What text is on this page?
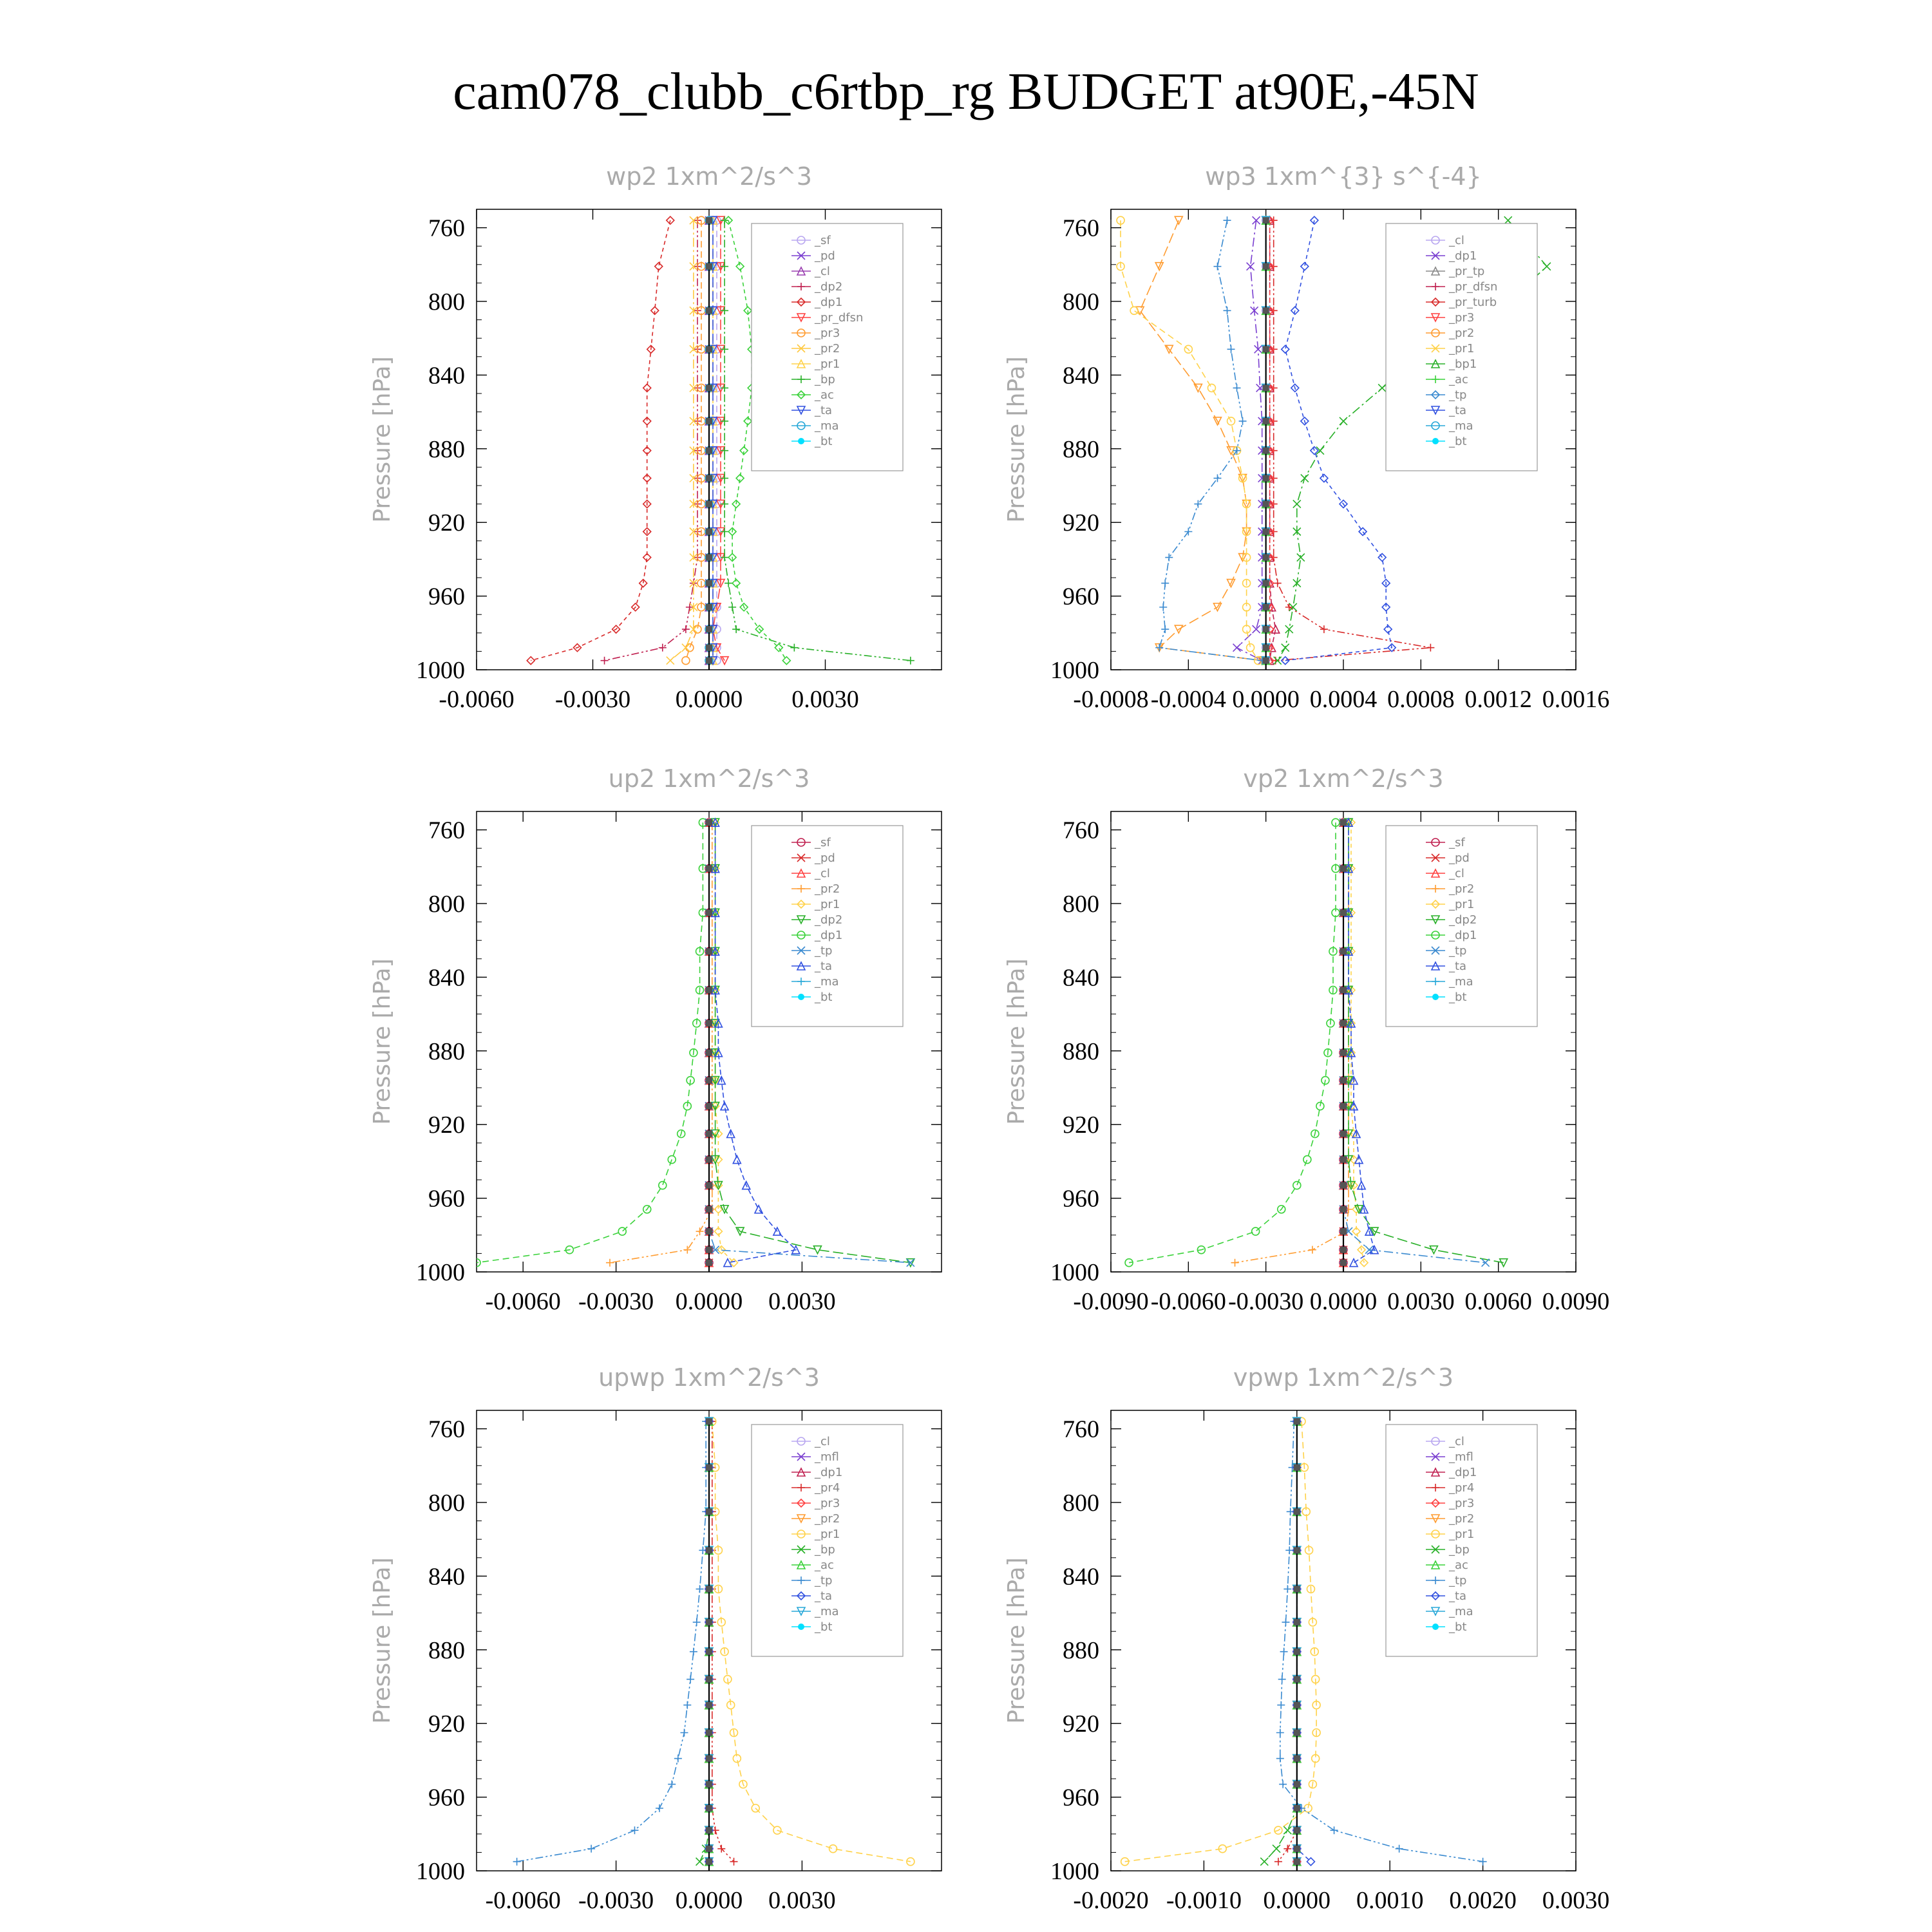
cam078_clubb_c6rtbp_rg BUDGET at90E,-45N
wp2 1xm^2/s^3
Pressure [hPa]
760
800
840
880
920
960
1000
-0.0060 -0.0030 0.0000 0.0030
_sf
_pd
_cl
_dp2
_dp1
_pr_dfsn
_pr3
_pr2
_pr1
_bp
_ac
_ta
_ma
_bt
wp3 1xm^{3} s^{-4}
Pressure [hPa]
760
800
840
880
920
960
1000
-0.0008 -0.0004 0.0000 0.0004 0.0008 0.0012 0.0016
_cl
_dp1
_pr_tp
_pr_dfsn
_pr_turb
_pr3
_pr2
_pr1
_bp1
_ac
_tp
_ta
_ma
_bt
up2 1xm^2/s^3
Pressure [hPa]
760
800
840
880
920
960
1000
-0.0060 -0.0030 0.0000 0.0030
_sf
_pd
_cl
_pr2
_pr1
_dp2
_dp1
_tp
_ta
_ma
_bt
vp2 1xm^2/s^3
Pressure [hPa]
760
800
840
880
920
960
1000
-0.0090 -0.0060 -0.0030 0.0000 0.0030 0.0060 0.0090
_sf
_pd
_cl
_pr2
_pr1
_dp2
_dp1
_tp
_ta
_ma
_bt
upwp 1xm^2/s^3
Pressure [hPa]
760
800
840
880
920
960
1000
-0.0060 -0.0030 0.0000 0.0030
_cl
_mfl
_dp1
_pr4
_pr3
_pr2
_pr1
_bp
_ac
_tp
_ta
_ma
_bt
vpwp 1xm^2/s^3
Pressure [hPa]
760
800
840
880
920
960
1000
-0.0020 -0.0010 0.0000 0.0010 0.0020 0.0030
_cl
_mfl
_dp1
_pr4
_pr3
_pr2
_pr1
_bp
_ac
_tp
_ta
_ma
_bt
